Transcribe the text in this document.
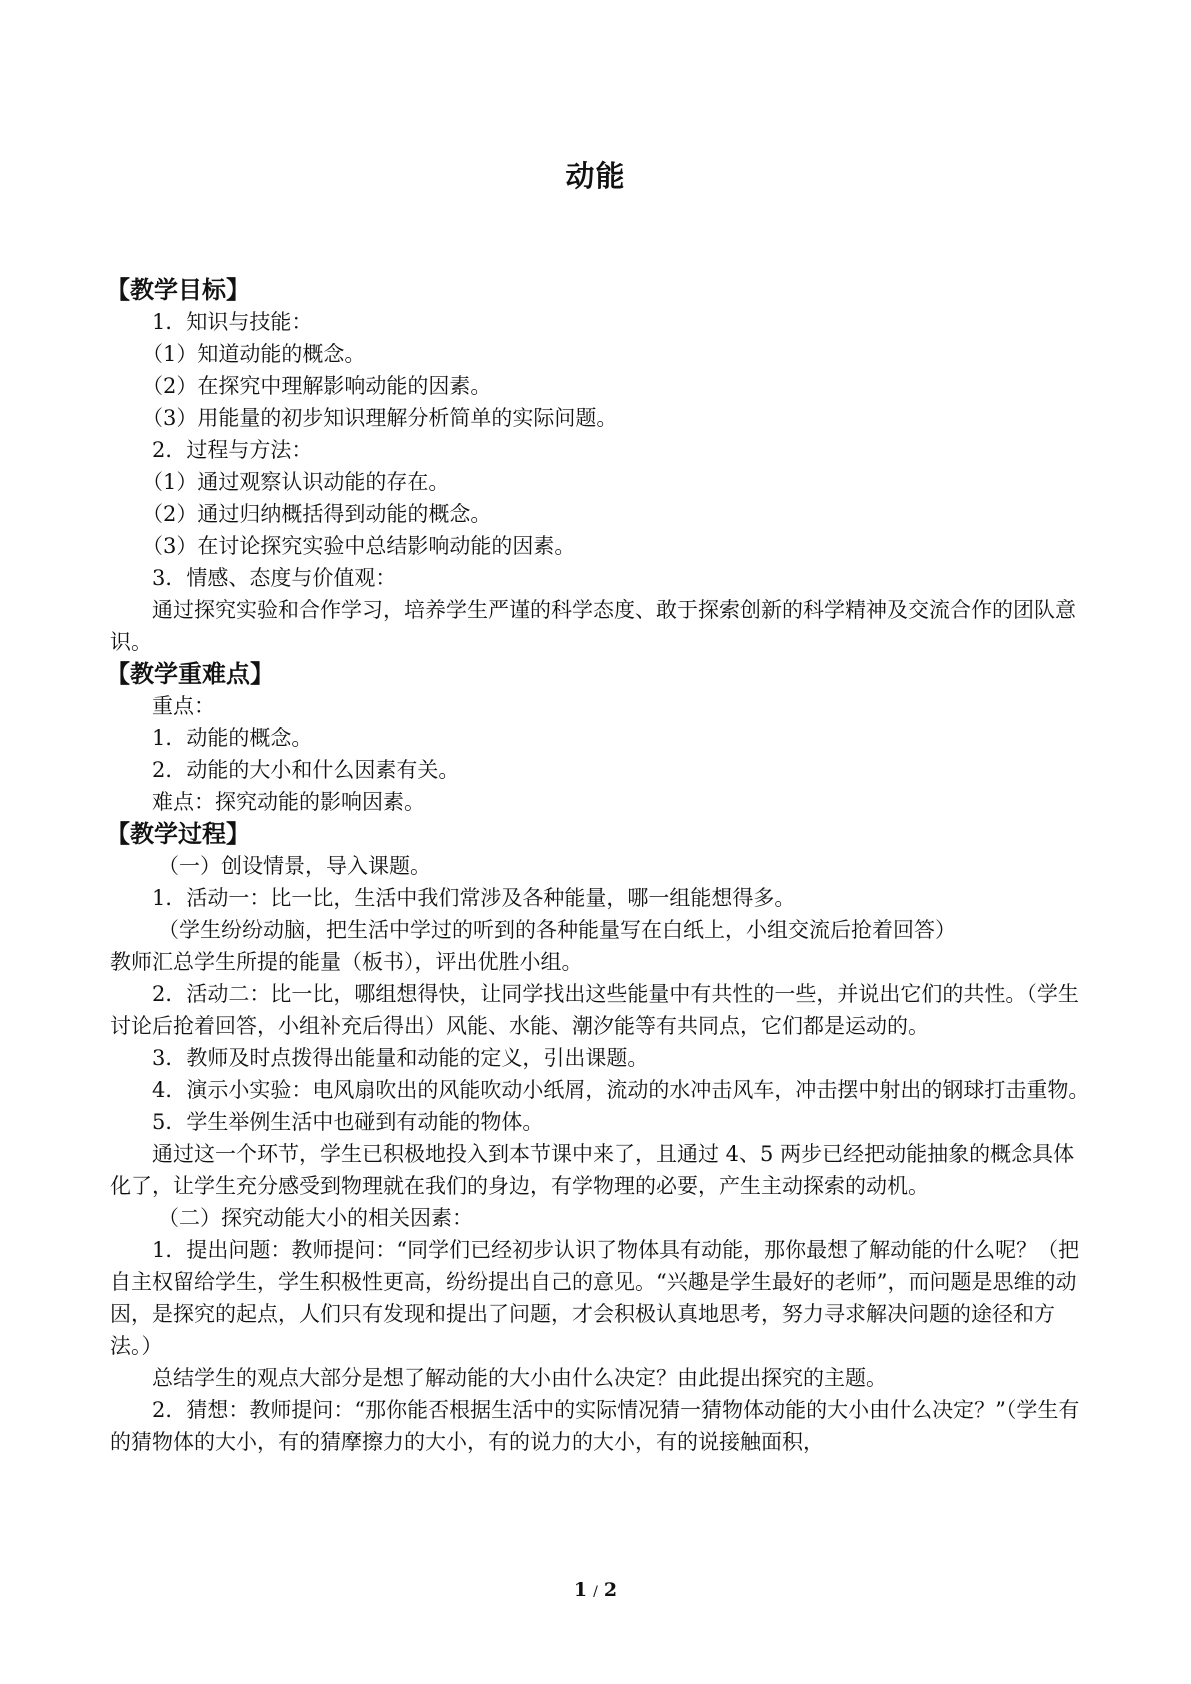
动能
【教学目标】

1．知识与技能：

（1）知道动能的概念。

（2）在探究中理解影响动能的因素。

（3）用能量的初步知识理解分析简单的实际问题。

2．过程与方法：

（1）通过观察认识动能的存在。

（2）通过归纳概括得到动能的概念。

（3）在讨论探究实验中总结影响动能的因素。

3．情感、态度与价值观：

通过探究实验和合作学习，培养学生严谨的科学态度、敢于探索创新的科学精神及交流合作的团队意识。

【教学重难点】

重点：

1．动能的概念。

2．动能的大小和什么因素有关。

难点：探究动能的影响因素。

【教学过程】

（一）创设情景，导入课题。

1．活动一：比一比，生活中我们常涉及各种能量，哪一组能想得多。

（学生纷纷动脑，把生活中学过的听到的各种能量写在白纸上，小组交流后抢着回答）

教师汇总学生所提的能量（板书），评出优胜小组。

2．活动二：比一比，哪组想得快，让同学找出这些能量中有共性的一些，并说出它们的共性。（学生讨论后抢着回答，小组补充后得出）风能、水能、潮汐能等有共同点，它们都是运动的。

3．教师及时点拨得出能量和动能的定义，引出课题。

4．演示小实验：电风扇吹出的风能吹动小纸屑，流动的水冲击风车，冲击摆中射出的钢球打击重物。

5．学生举例生活中也碰到有动能的物体。

通过这一个环节，学生已积极地投入到本节课中来了，且通过 4、5 两步已经把动能抽象的概念具体化了，让学生充分感受到物理就在我们的身边，有学物理的必要，产生主动探索的动机。

（二）探究动能大小的相关因素：

1．提出问题：教师提问：“同学们已经初步认识了物体具有动能，那你最想了解动能的什么呢？（把自主权留给学生，学生积极性更高，纷纷提出自己的意见。“兴趣是学生最好的老师”，而问题是思维的动因，是探究的起点，人们只有发现和提出了问题，才会积极认真地思考，努力寻求解决问题的途径和方法。）

总结学生的观点大部分是想了解动能的大小由什么决定？由此提出探究的主题。

2．猜想：教师提问：“那你能否根据生活中的实际情况猜一猜物体动能的大小由什么决定？”（学生有的猜物体的大小，有的猜摩擦力的大小，有的说力的大小，有的说接触面积，

1 / 2
